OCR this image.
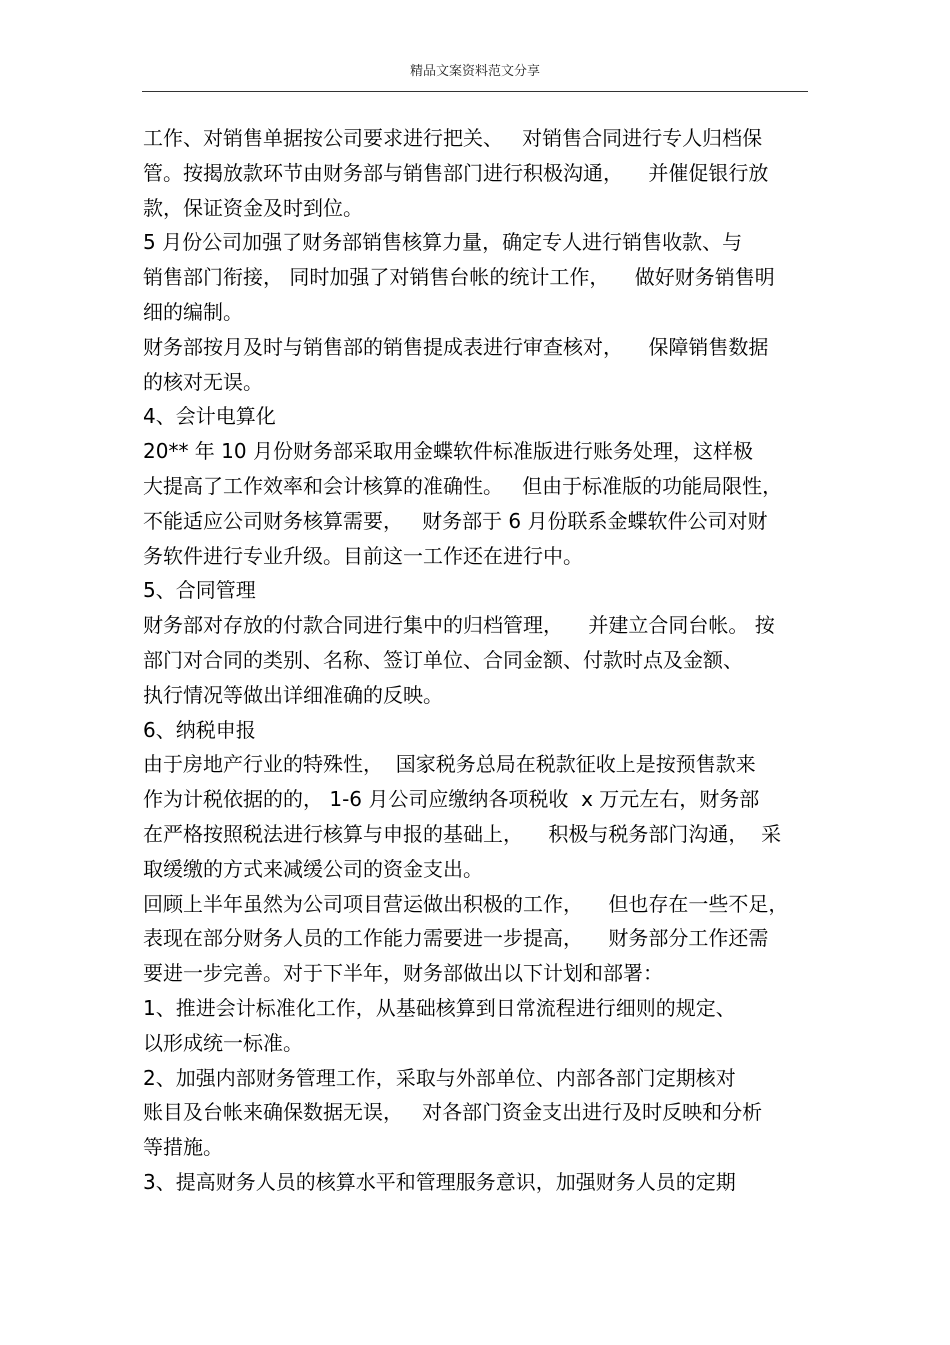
精品文案资料范文分享
工作、对销售单据按公司要求进行把关、   对销售合同进行专人归档保
管。按揭放款环节由财务部与销售部门进行积极沟通，    并催促银行放
款，保证资金及时到位。
5 月份公司加强了财务部销售核算力量，确定专人进行销售收款、与
销售部门衔接， 同时加强了对销售台帐的统计工作，    做好财务销售明
细的编制。
财务部按月及时与销售部的销售提成表进行审查核对，    保障销售数据
的核对无误。
4、会计电算化
20** 年 10 月份财务部采取用金蝶软件标准版进行账务处理，这样极
大提高了工作效率和会计核算的准确性。   但由于标准版的功能局限性，
不能适应公司财务核算需要，   财务部于 6 月份联系金蝶软件公司对财
务软件进行专业升级。目前这一工作还在进行中。
5、合同管理
财务部对存放的付款合同进行集中的归档管理，    并建立合同台帐。 按
部门对合同的类别、名称、签订单位、合同金额、付款时点及金额、
执行情况等做出详细准确的反映。
6、纳税申报
由于房地产行业的特殊性，  国家税务总局在税款征收上是按预售款来
作为计税依据的的， 1-6 月公司应缴纳各项税收  x 万元左右，财务部
在严格按照税法进行核算与申报的基础上，    积极与税务部门沟通，  采
取缓缴的方式来减缓公司的资金支出。
回顾上半年虽然为公司项目营运做出积极的工作，    但也存在一些不足，
表现在部分财务人员的工作能力需要进一步提高，    财务部分工作还需
要进一步完善。对于下半年，财务部做出以下计划和部署：
1、推进会计标准化工作，从基础核算到日常流程进行细则的规定、
以形成统一标准。
2、加强内部财务管理工作，采取与外部单位、内部各部门定期核对
账目及台帐来确保数据无误，   对各部门资金支出进行及时反映和分析
等措施。
3、提高财务人员的核算水平和管理服务意识，加强财务人员的定期
